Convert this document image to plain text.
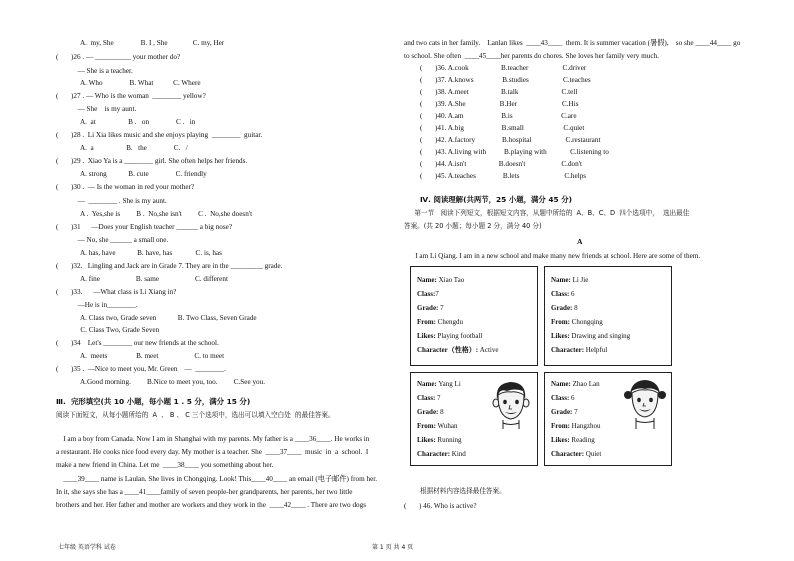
A.  my, She               B. I , She              C. my, Her
(       )26 . — __________ your mother do?
— She is a teacher.
A. Who               B. What           C. Where
(       )27 . — Who is the woman  ________ yellow?
— She    is my aunt.
A.  at                  B .   on               C .   in
(       )28 .  Li Xia likes music and she enjoys playing  ________  guitar.
A.  a                  B.   the               C.   /
(       )29 .  Xiao Ya is a ________ girl. She often helps her friends.
A. strong            B. cute               C. friendly
(       )30 .  — Is the woman in red your mother?
—  ________ . She is my aunt.
A .  Yes,she is         B .  No,she isn't         C .  No,she doesn't
(       )31      —Does your English teacher ______ a big nose?
— No, she ______ a small one.
A. has, have            B. have, has             C. is, has
(       )32.   Lingling and Jack are in Grade 7. They are in the _________ grade.
A. fine                    B. same                    C. different
(       )33.      —What class is Li Xiang in?
—He is in________.
A. Class two, Grade seven            B. Two Class, Seven Grade
C. Class Two, Grade Seven
(       )34    Let's ________ our new friends at the school.
A.  meets                B. meet                    C. to meet
(       )35 .  —Nice to meet you, Mr. Green    —  ________.
A.Good morning.         B.Nice to meet you, too.         C.See you.
Ⅲ.  完形填空(共 10 小题，每小题 1 . 5 分，满分 15 分)
阅读下面短文，从每小题所给的  A  、 B 、 C 三个选项中，选出可以填入空白处  的最佳答案。
I am a boy from Canada. Now I am in Shanghai with my parents. My father is a ____36____. He works in
a restaurant. He cooks nice food every day. My mother is a teacher. She  ____37____  music  in  a  school.  I
make a new friend in China. Let me  ____38____ you something about her.
____39____ name is Laulan. She lives in Chongqing. Look! This____40____ an email (电子邮件) from her.
In it, she says she has a ____41____family of seven people-her grandparents, her parents, her two little
brothers and her. Her father and mother are workers and they work in the  ____42____ . There are two dogs
and two cats in her family.    Lanlan likes  ____43____  them. It is summer vacation (暑假),    so she ____44____ go
to school. She often  ____45____her parents do chores. She loves her family very much.
(       )36. A.cook                  B.teacher                   C.driver
(       )37. A.knows                B.studies                   C.teaches
(       )38. A.meet                  B.talk                        C.tell
(       )39. A.She                   B.Her                         C.His
(       )40. A.am                     B.is                           C.are
(       )41. A.big                     B.small                      C.quiet
(       )42. A.factory               B.hospital                   C.restaurant
(       )43. A.living with          B.playing with             C.listening to
(       )44. A.isn't                  B.doesn't                    C.don't
(       )45. A.teaches               B.lets                         C.helps
Ⅳ. 阅读理解(共两节，25 小题，满分 45 分)
第一节   阅读下列短文，根据短文内容，从题中所给的  A、B、C、D  四个选项中，  选出最佳
答案。(共 20 小题；每小题 2 分，满分 40 分)
A
I am Li Qiang. I am in a new school and make many new friends at school. Here are some of them.
Name: Xiao Tao
Class:7
Grade: 7
From: Chengdu
Likes: Playing football
Character（性格）: Active
Name: Li Jie
Class: 6
Grade: 8
From: Chongqing
Likes: Drawing and singing
Character: Helpful
Name: Yang Li
Class: 7
Grade: 8
From: Wuhan
Likes: Running
Character: Kind
Name: Zhao Lan
Class: 6
Grade: 7
From: Hangzhou
Likes: Reading
Character: Quiet
根据材料内容选择最佳答案。
(       ) 46. Who is active?
七年级 英语学科 试卷	第 1 页 共 4 页
